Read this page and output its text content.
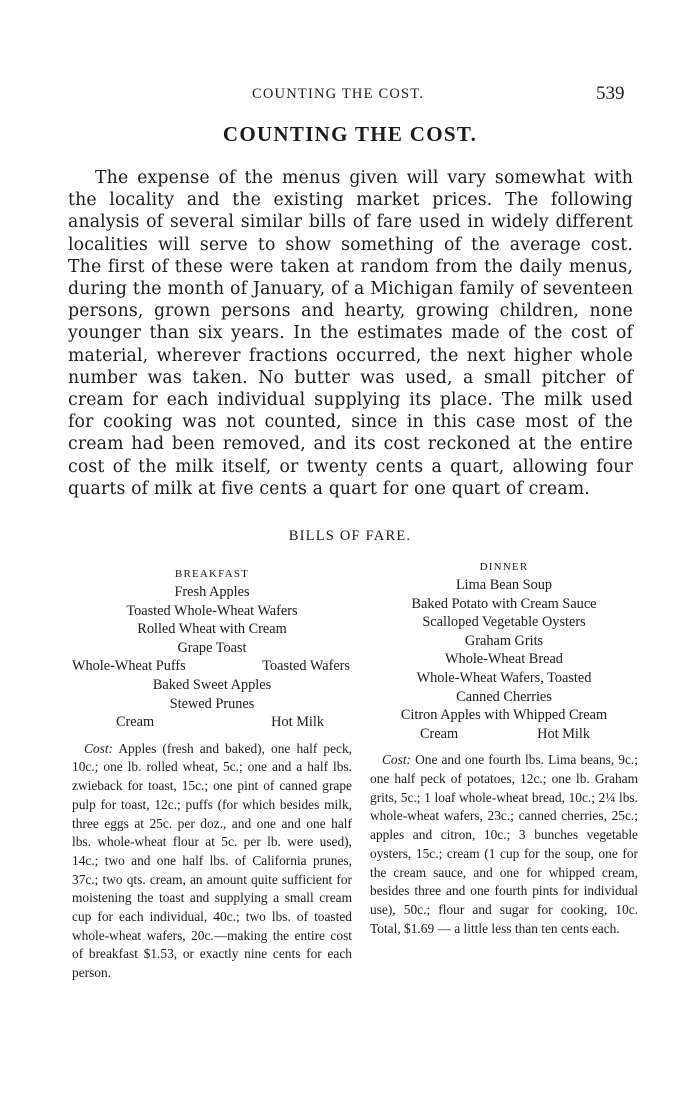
COUNTING THE COST.	539
COUNTING THE COST.

The expense of the menus given will vary somewhat with the locality and the existing market prices. The following analysis of several similar bills of fare used in widely different localities will serve to show something of the average cost. The first of these were taken at random from the daily menus, during the month of January, of a Michigan family of seventeen persons, grown persons and hearty, growing children, none younger than six years. In the estimates made of the cost of material, wherever fractions occurred, the next higher whole number was taken. No butter was used, a small pitcher of cream for each individual supplying its place. The milk used for cooking was not counted, since in this case most of the cream had been removed, and its cost reckoned at the entire cost of the milk itself, or twenty cents a quart, allowing four quarts of milk at five cents a quart for one quart of cream.

BILLS OF FARE.
BREAKFAST
Fresh Apples
Toasted Whole-Wheat Wafers
Rolled Wheat with Cream
Grape Toast
Whole-Wheat Puffs	Toasted Wafers
Baked Sweet Apples
Stewed Prunes
Cream	Hot Milk

Cost: Apples (fresh and baked), one half peck, 10c.; one lb. rolled wheat, 5c.; one and a half lbs. zwieback for toast, 15c.; one pint of canned grape pulp for toast, 12c.; puffs (for which besides milk, three eggs at 25c. per doz., and one and one half lbs. whole-wheat flour at 5c. per lb. were used), 14c.; two and one half lbs. of California prunes, 37c.; two qts. cream, an amount quite sufficient for moistening the toast and supplying a small cream cup for each individual, 40c.; two lbs. of toasted whole-wheat wafers, 20c.—making the entire cost of breakfast $1.53, or exactly nine cents for each person.

DINNER
Lima Bean Soup
Baked Potato with Cream Sauce
Scalloped Vegetable Oysters
Graham Grits
Whole-Wheat Bread
Whole-Wheat Wafers, Toasted
Canned Cherries
Citron Apples with Whipped Cream
Cream	Hot Milk

Cost: One and one fourth lbs. Lima beans, 9c.; one half peck of potatoes, 12c.; one lb. Graham grits, 5c.; 1 loaf whole-wheat bread, 10c.; 2¼ lbs. whole-wheat wafers, 23c.; canned cherries, 25c.; apples and citron, 10c.; 3 bunches vegetable oysters, 15c.; cream (1 cup for the soup, one for the cream sauce, and one for whipped cream, besides three and one fourth pints for individual use), 50c.; flour and sugar for cooking, 10c. Total, $1.69 — a little less than ten cents each.
